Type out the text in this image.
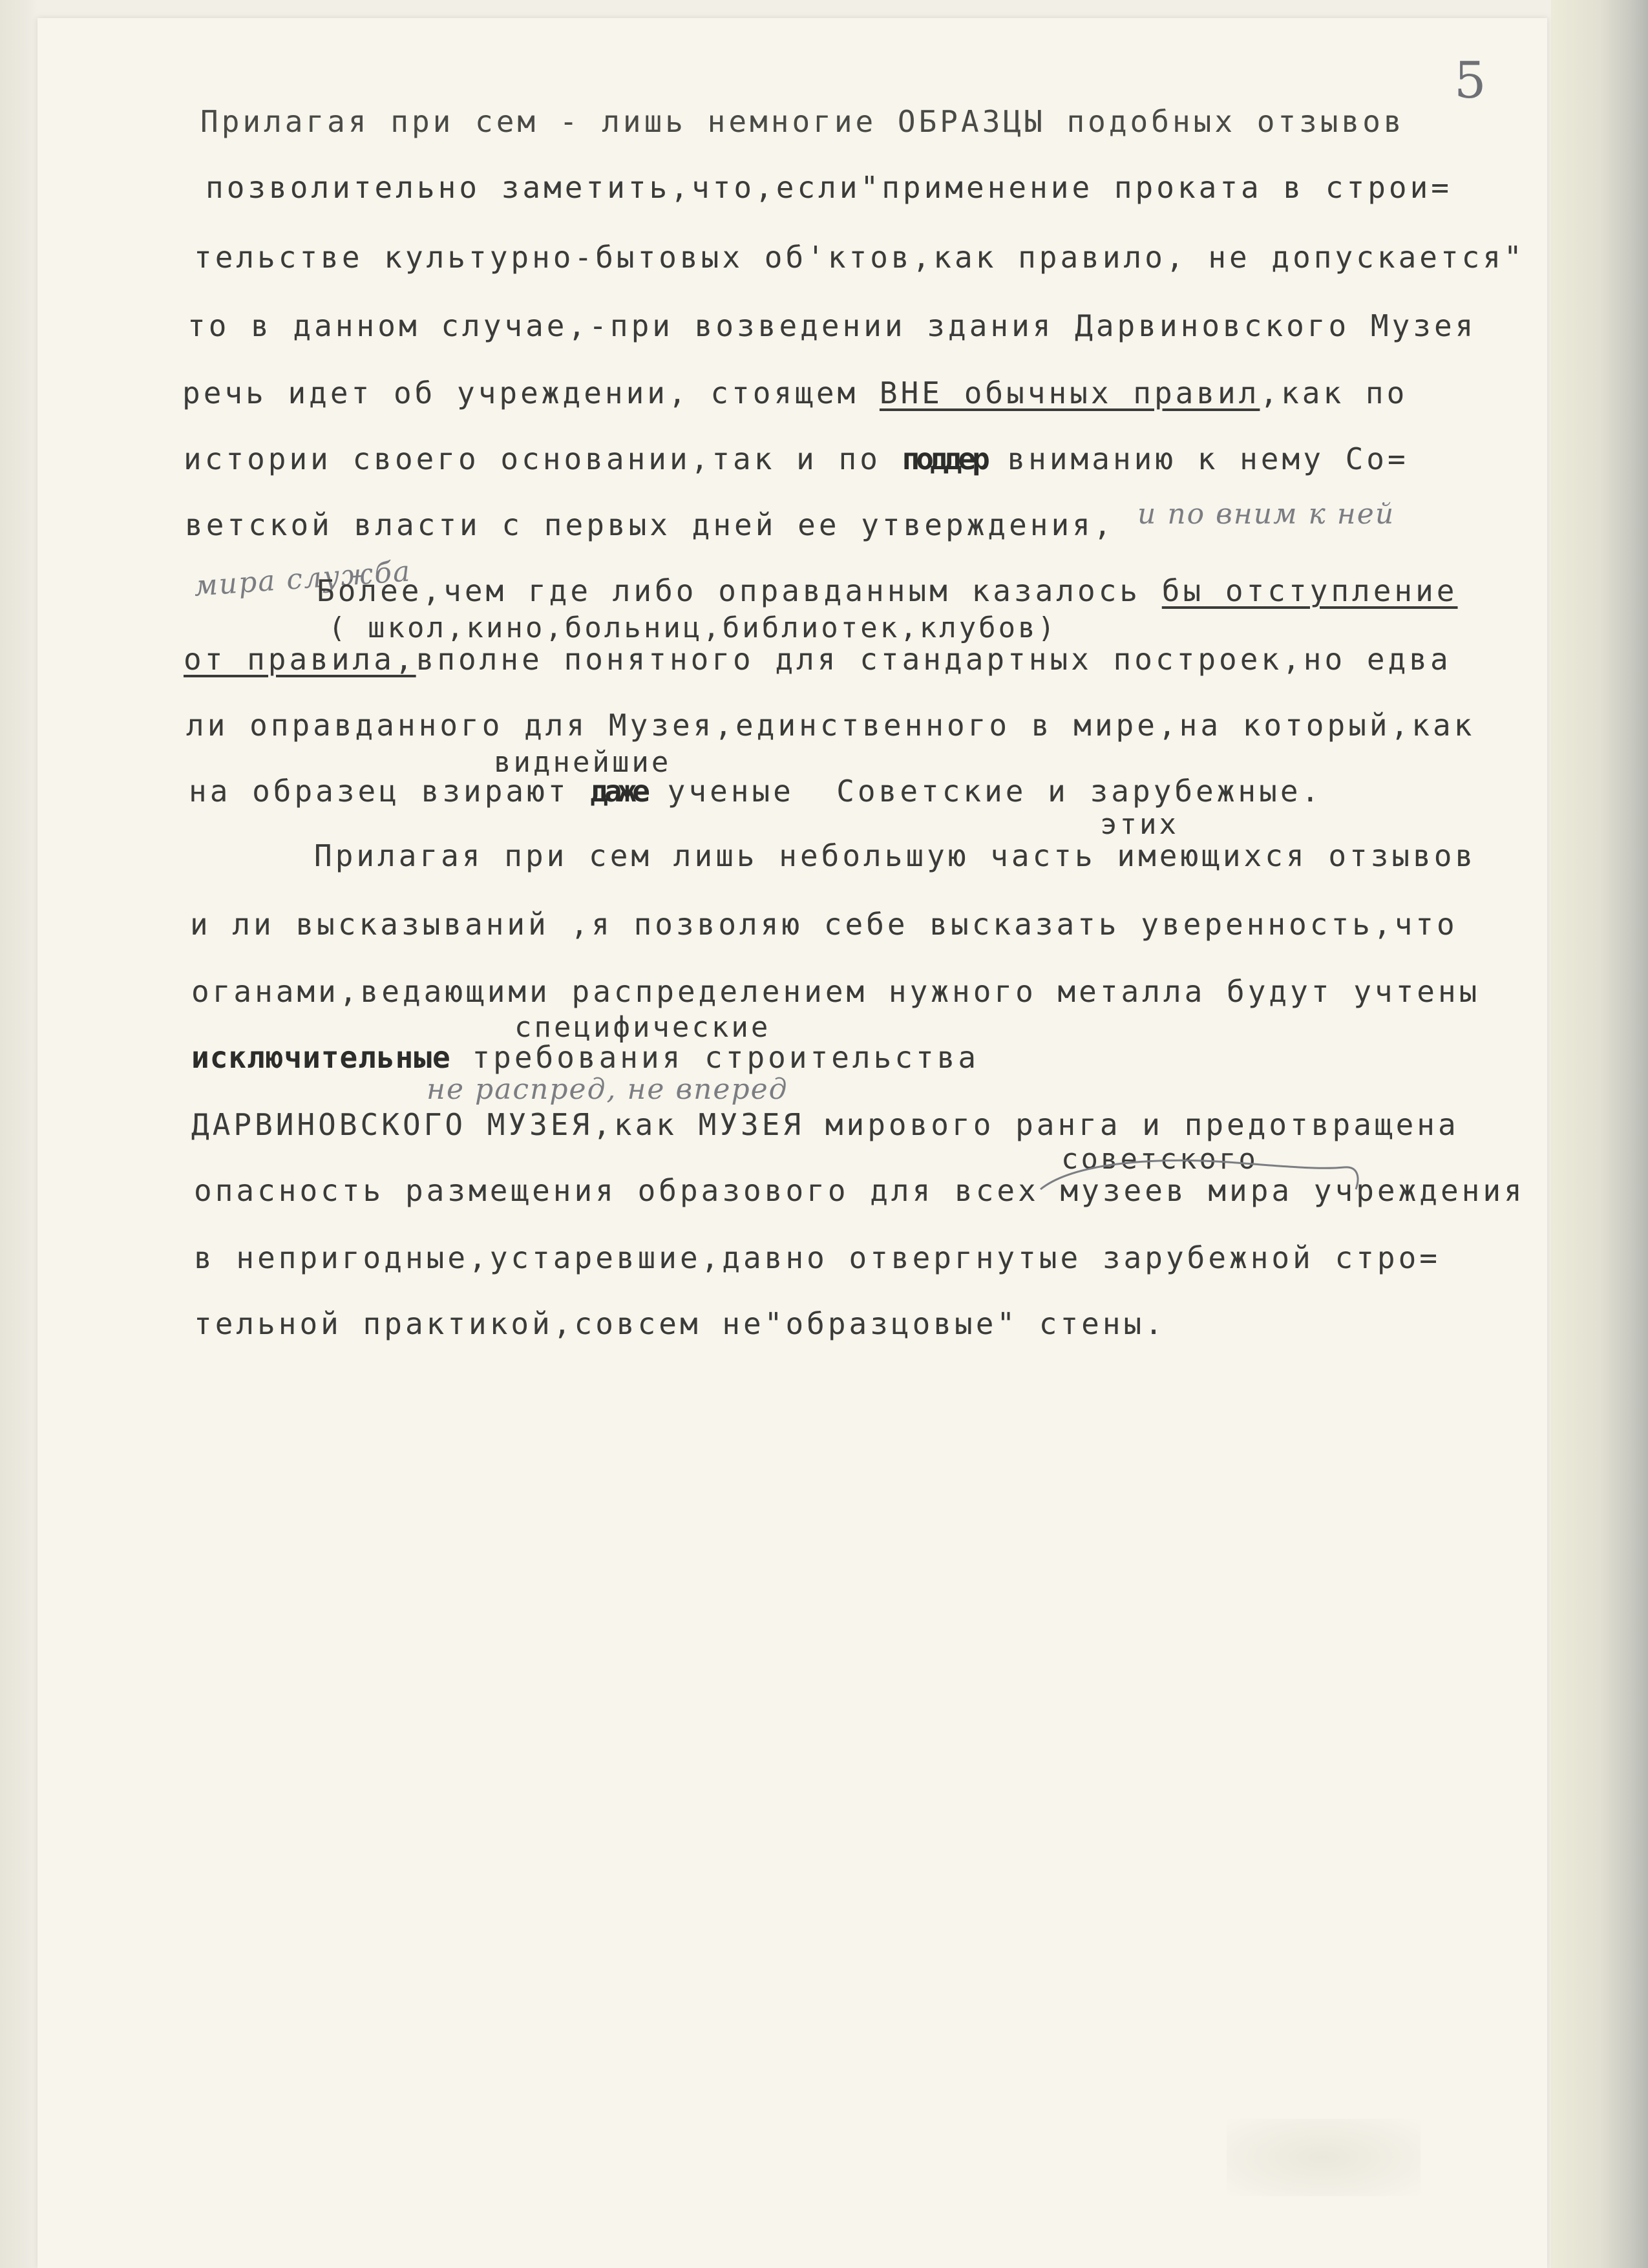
5
Прилагая при сем - лишь немногие ОБРАЗЦЫ подобных отзывов
позволительно заметить,что,если"применение проката в строи=
тельстве культурно-бытовых об'ктов,как правило, не допускается"
то в данном случае,-при возведении здания Дарвиновского Музея
речь идет об учреждении, стоящем ВНЕ обычных правил,как по
истории своего основании,так и по поддер вниманию к нему Со=
ветской власти с первых дней ее утверждения, и по вним к ней
мира служба
Более,чем где либо оправданным казалось бы отступление
( школ,кино,больниц,библиотек,клубов)
от правила,вполне понятного для стандартных построек,но едва
ли оправданного для Музея,единственного в мире,на который,как
виднейшие
на образец взирают даже ученые  Советские и зарубежные.
этих
Прилагая при сем лишь небольшую часть имеющихся отзывов
и ли высказываний ,я позволяю себе высказать уверенность,что
оганами,ведающими распределением нужного металла будут учтены
специфические
исключительные требования строительства
не распред, не вперед
ДАРВИНОВСКОГО МУЗЕЯ,как МУЗЕЯ мирового ранга и предотвращена
советского
опасность размещения образового для всех музеев мира учреждения
в непригодные,устаревшие,давно отвергнутые зарубежной стро=
тельной практикой,совсем не"образцовые" стены.
